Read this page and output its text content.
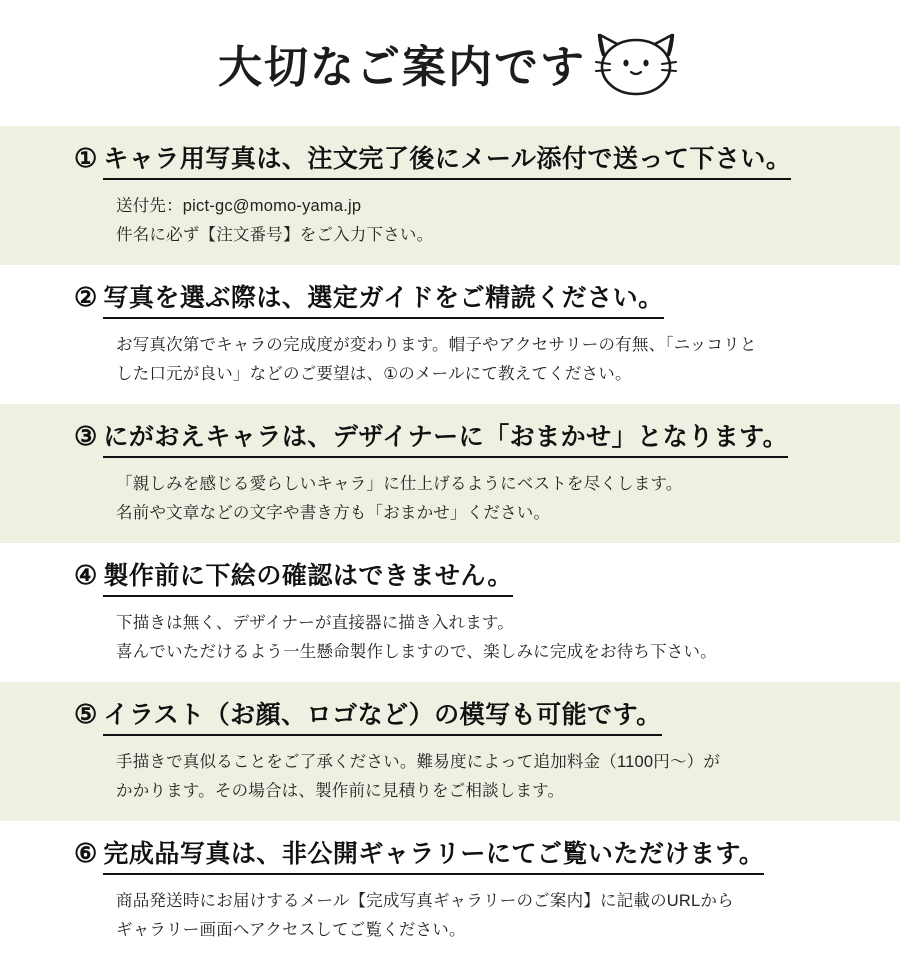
大切なご案内です
① キャラ用写真は、注文完了後にメール添付で送って下さい。
送付先：pict-gc@momo-yama.jp
件名に必ず【注文番号】をご入力下さい。
② 写真を選ぶ際は、選定ガイドをご精読ください。
お写真次第でキャラの完成度が変わります。帽子やアクセサリーの有無、「ニッコリと
した口元が良い」などのご要望は、①のメールにて教えてください。
③ にがおえキャラは、デザイナーに「おまかせ」となります。
「親しみを感じる愛らしいキャラ」に仕上げるようにベストを尽くします。
名前や文章などの文字や書き方も「おまかせ」ください。
④ 製作前に下絵の確認はできません。
下描きは無く、デザイナーが直接器に描き入れます。
喜んでいただけるよう一生懸命製作しますので、楽しみに完成をお待ち下さい。
⑤ イラスト（お顔、ロゴなど）の模写も可能です。
手描きで真似ることをご了承ください。難易度によって追加料金（1100円〜）が
かかります。その場合は、製作前に見積りをご相談します。
⑥ 完成品写真は、非公開ギャラリーにてご覧いただけます。
商品発送時にお届けするメール【完成写真ギャラリーのご案内】に記載のURLから
ギャラリー画面へアクセスしてご覧ください。
